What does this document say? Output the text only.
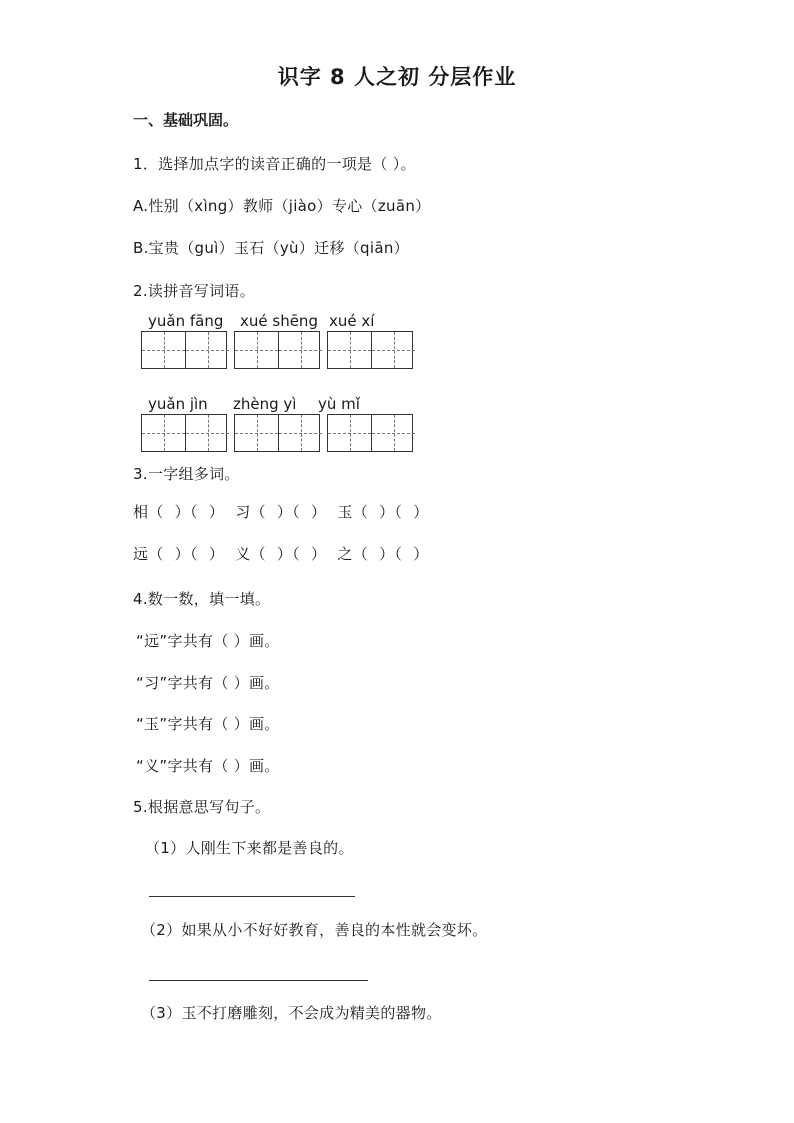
识字 8 人之初 分层作业
一、基础巩固。
1．选择加点字的读音正确的一项是（ ）。
A.性别（xìng）教师（jiào）专心（zuān）
B.宝贵（guì）玉石（yù）迁移（qiān）
2.读拼音写词语。
yuǎn fāng xué shēng xué xí
yuǎn jìn zhèng yì yù mǐ
3.一字组多词。
相（ ）（ ） 习（ ）（ ） 玉（ ）（ ）
远（ ）（ ） 义（ ）（ ） 之（ ）（ ）
4.数一数，填一填。
“远”字共有（ ）画。
“习”字共有（ ）画。
“玉”字共有（ ）画。
“义”字共有（ ）画。
5.根据意思写句子。
（1）人刚生下来都是善良的。
（2）如果从小不好好教育，善良的本性就会变坏。
（3）玉不打磨雕刻，不会成为精美的器物。
